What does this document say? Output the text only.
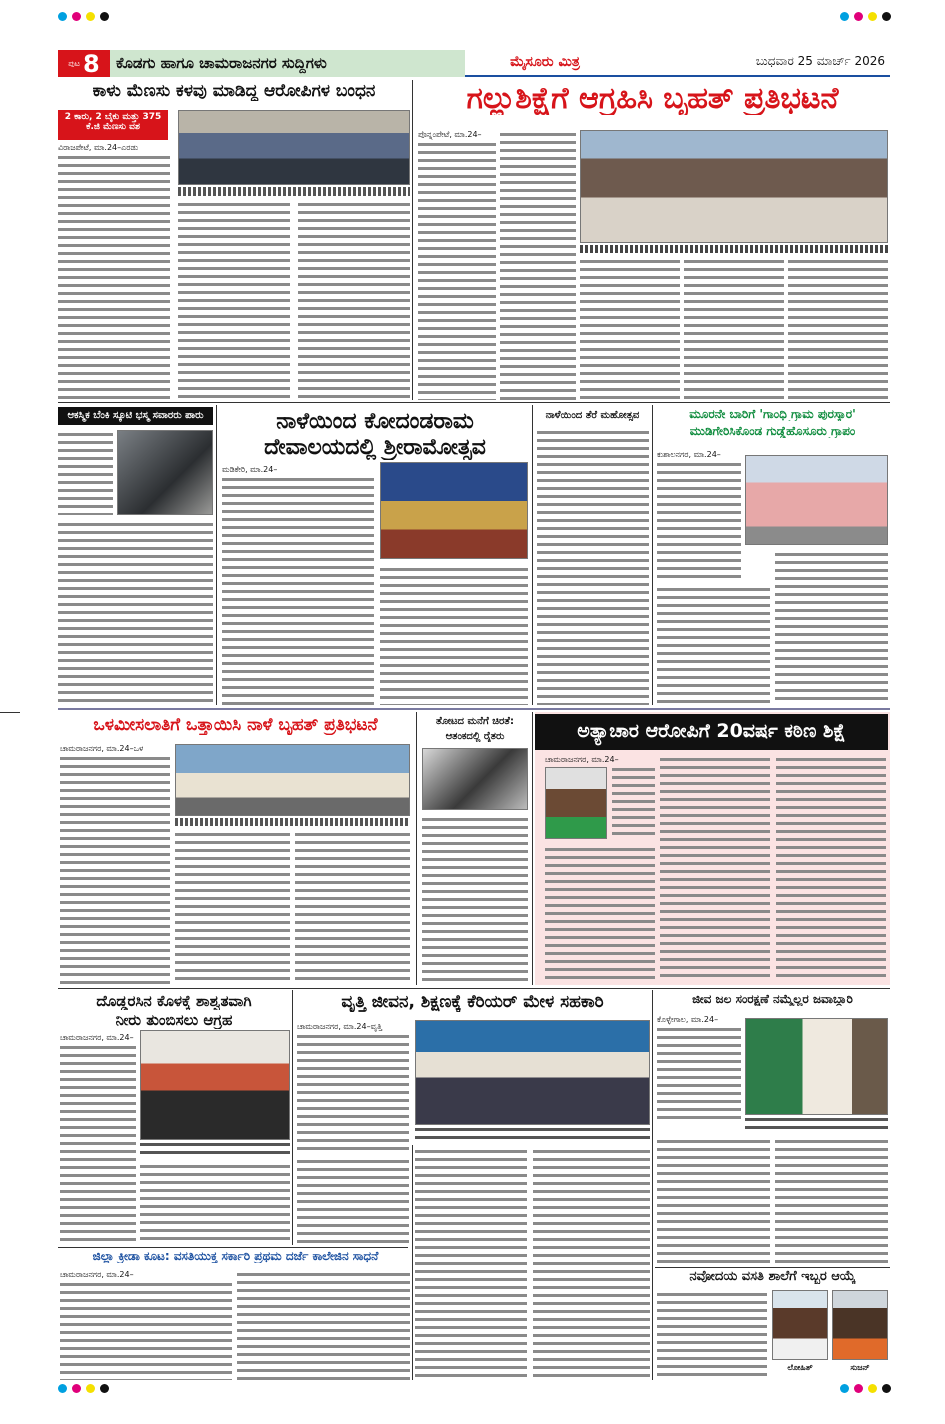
ಪುಟ 8	ಕೊಡಗು ಹಾಗೂ ಚಾಮರಾಜನಗರ ಸುದ್ದಿಗಳು	ಮೈಸೂರು ಮಿತ್ರ	ಬುಧವಾರ 25 ಮಾರ್ಚ್ 2026
ಕಾಳು ಮೆಣಸು ಕಳವು ಮಾಡಿದ್ದ ಆರೋಪಿಗಳ ಬಂಧನ
2 ಕಾರು, 2 ಬೈಕು ಮತ್ತು 375 ಕೆ.ಜಿ ಮೆಣಸು ವಶ
ವಿರಾಜಪೇಟೆ, ಮಾ.24–ಎರಡು
ಗಲ್ಲುಶಿಕ್ಷೆಗೆ ಆಗ್ರಹಿಸಿ ಬೃಹತ್ ಪ್ರತಿಭಟನೆ
ಪೊನ್ನಂಪೇಟೆ, ಮಾ.24–
ಆಕಸ್ಮಿಕ ಬೆಂಕಿ ಸ್ಕೂಟಿ ಭಸ್ಮ ಸವಾರರು ಪಾರು	ನಾಳೆಯಿಂದ ಕೋದಂಡರಾಮ
ದೇವಾಲಯದಲ್ಲಿ ಶ್ರೀರಾಮೋತ್ಸವ
ಮಡಿಕೇರಿ, ಮಾ.24–
ನಾಳೆಯಿಂದ ತೆರೆ ಮಹೋತ್ಸವ	ಮೂರನೇ ಬಾರಿಗೆ 'ಗಾಂಧಿ ಗ್ರಾಮ ಪುರಸ್ಕಾರ'
ಮುಡಿಗೇರಿಸಿಕೊಂಡ ಗುಡ್ಡೆಹೊಸೂರು ಗ್ರಾಪಂ
ಕುಶಾಲನಗರ, ಮಾ.24–
ಒಳಮೀಸಲಾತಿಗೆ ಒತ್ತಾಯಿಸಿ ನಾಳೆ ಬೃಹತ್ ಪ್ರತಿಭಟನೆ
ಚಾಮರಾಜನಗರ, ಮಾ.24–ಒಳ
ತೋಟದ ಮನೆಗೆ ಚಿರತೆ:
ಆತಂಕದಲ್ಲಿ ರೈತರು	ಅತ್ಯಾಚಾರ ಆರೋಪಿಗೆ 20ವರ್ಷ ಕಠಿಣ ಶಿಕ್ಷೆ
ಚಾಮರಾಜನಗರ, ಮಾ.24–
ದೊಡ್ಡರಸಿನ ಕೊಳಕ್ಕೆ ಶಾಶ್ವತವಾಗಿ
ನೀರು ತುಂಬಿಸಲು ಆಗ್ರಹ
ಚಾಮರಾಜನಗರ, ಮಾ.24–
ವೃತ್ತಿ ಜೀವನ, ಶಿಕ್ಷಣಕ್ಕೆ ಕೆರಿಯರ್ ಮೇಳ ಸಹಕಾರಿ
ಚಾಮರಾಜನಗರ, ಮಾ.24–ವೃತ್ತಿ
ಜೀವ ಜಲ ಸಂರಕ್ಷಣೆ ನಮ್ಮೆಲ್ಲರ ಜವಾಬ್ದಾರಿ
ಕೊಳ್ಳೇಗಾಲ, ಮಾ.24–
ಜಿಲ್ಲಾ ಕ್ರೀಡಾ ಕೂಟ: ವಸತಿಯುಕ್ತ ಸರ್ಕಾರಿ ಪ್ರಥಮ ದರ್ಜೆ ಕಾಲೇಜಿನ ಸಾಧನೆ
ಚಾಮರಾಜನಗರ, ಮಾ.24–	ನವೋದಯ ವಸತಿ ಶಾಲೆಗೆ ಇಬ್ಬರ ಆಯ್ಕೆ
ಲೋಹಿತ್	ಸುಜನ್
